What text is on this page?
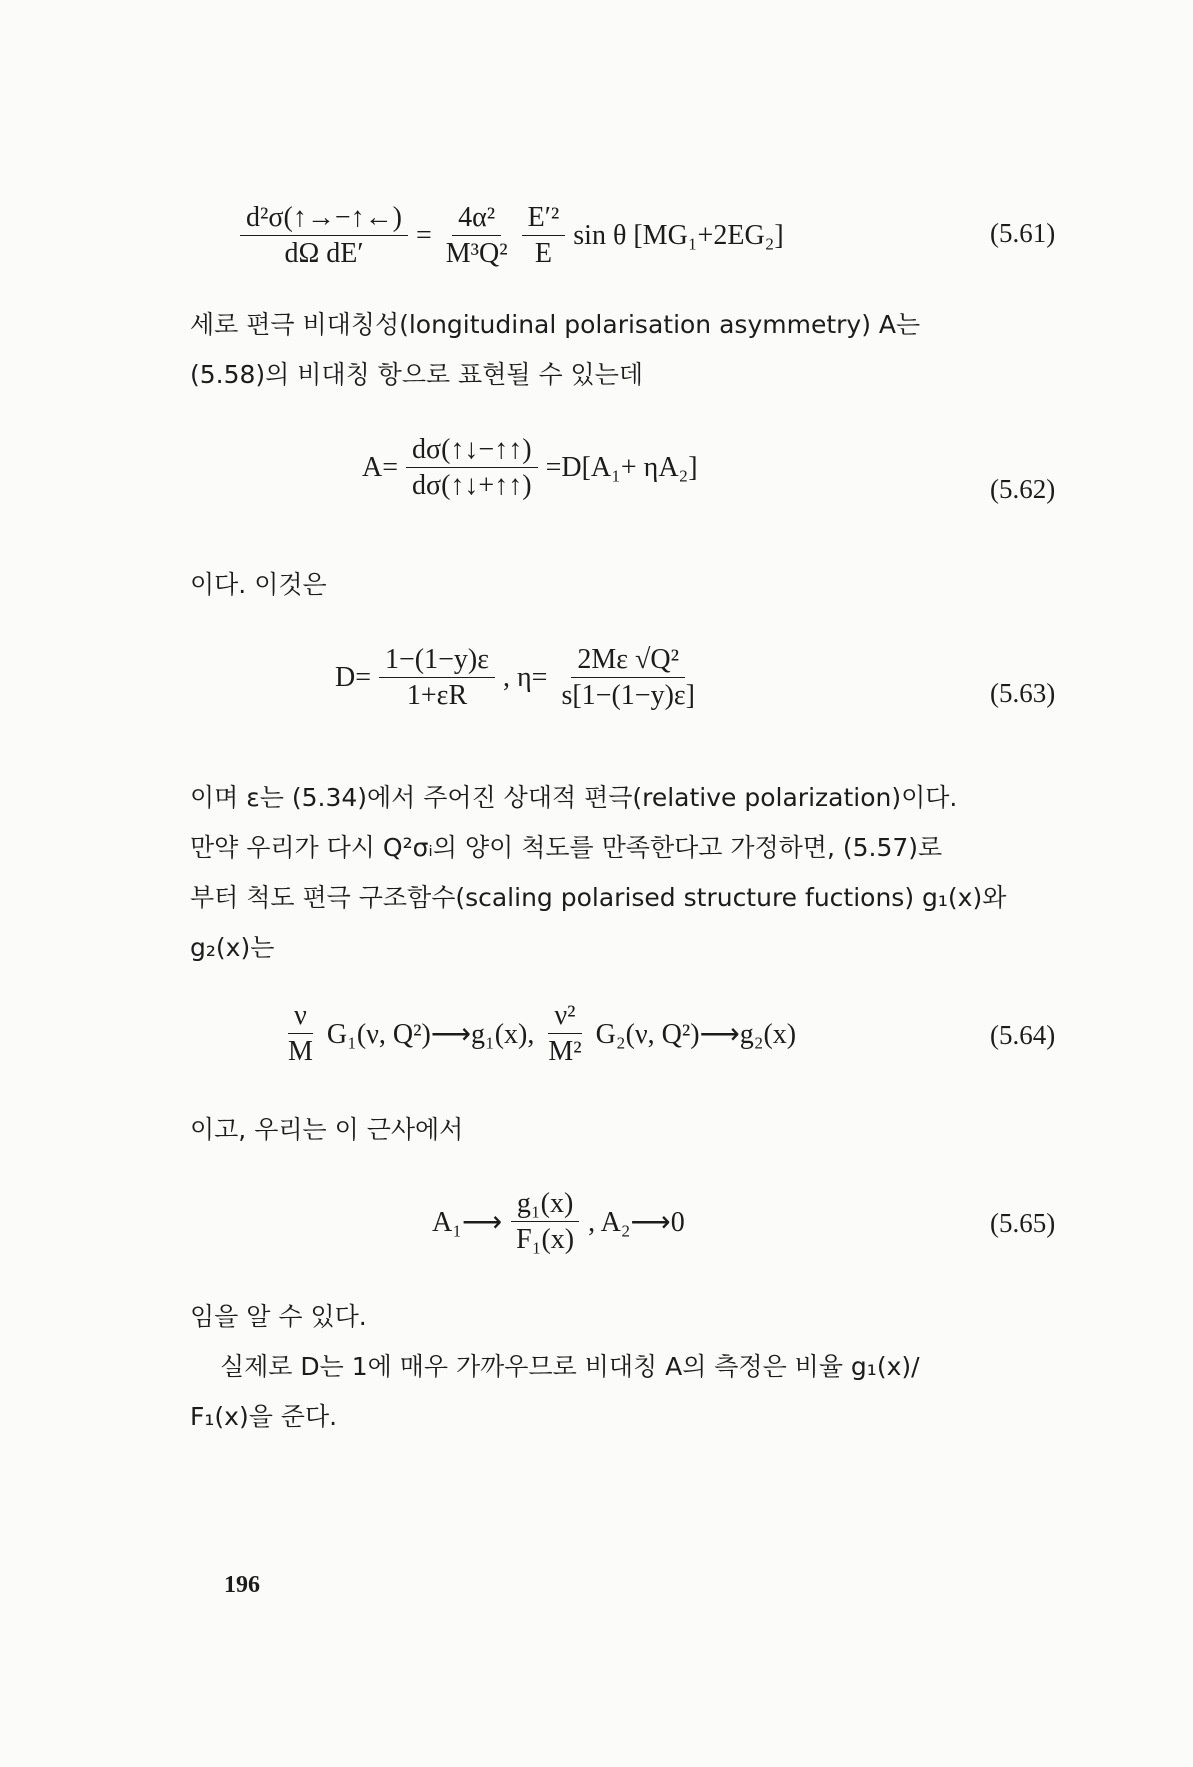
$\frac{\text{d²σ(↑→−↑←)}}{\text{dΩ dE′}} = \frac{\text{4α²}}{\text{M³Q²}} \frac{\text{E′²}}{E}$ sin θ [MG₁+2EG₂]	(5.61)
세로 편극 비대칭성(longitudinal polarisation asymmetry) A는
(5.58)의 비대칭 항으로 표현될 수 있는데
$A= \frac{d\sigma(↑↓-↑↑)}{d\sigma(↑↓+↑↑)} =D[A_1+ \eta A_2]$
(5.62)
이다. 이것은
$D= \frac{1-(1-y)\varepsilon}{1+\varepsilon R}$ , $\eta= \frac{\text{2Mε √Q²}}{s[1-(1-y)\varepsilon]}$	(5.63)
이며 ε는 (5.34)에서 주어진 상대적 편극(relative polarization)이다.
만약 우리가 다시 Q²σᵢ의 양이 척도를 만족한다고 가정하면, (5.57)로
부터 척도 편극 구조함수(scaling polarised structure fuctions) g₁(x)와
g₂(x)는
$\frac{\nu}{M} G_1(\nu$, Q²)⟶g₁(x), $\frac{\text{ν²}}{\text{M²}} G_2(\nu$, Q²)⟶g₂(x)	(5.64)
이고, 우리는 이 근사에서
A₁⟶ $\frac{\text{g₁(x)}}{\text{F₁(x)}}$ , A₂⟶0	(5.65)
임을 알 수 있다.
실제로 D는 1에 매우 가까우므로 비대칭 A의 측정은 비율 g₁(x)/
F₁(x)을 준다.
196
